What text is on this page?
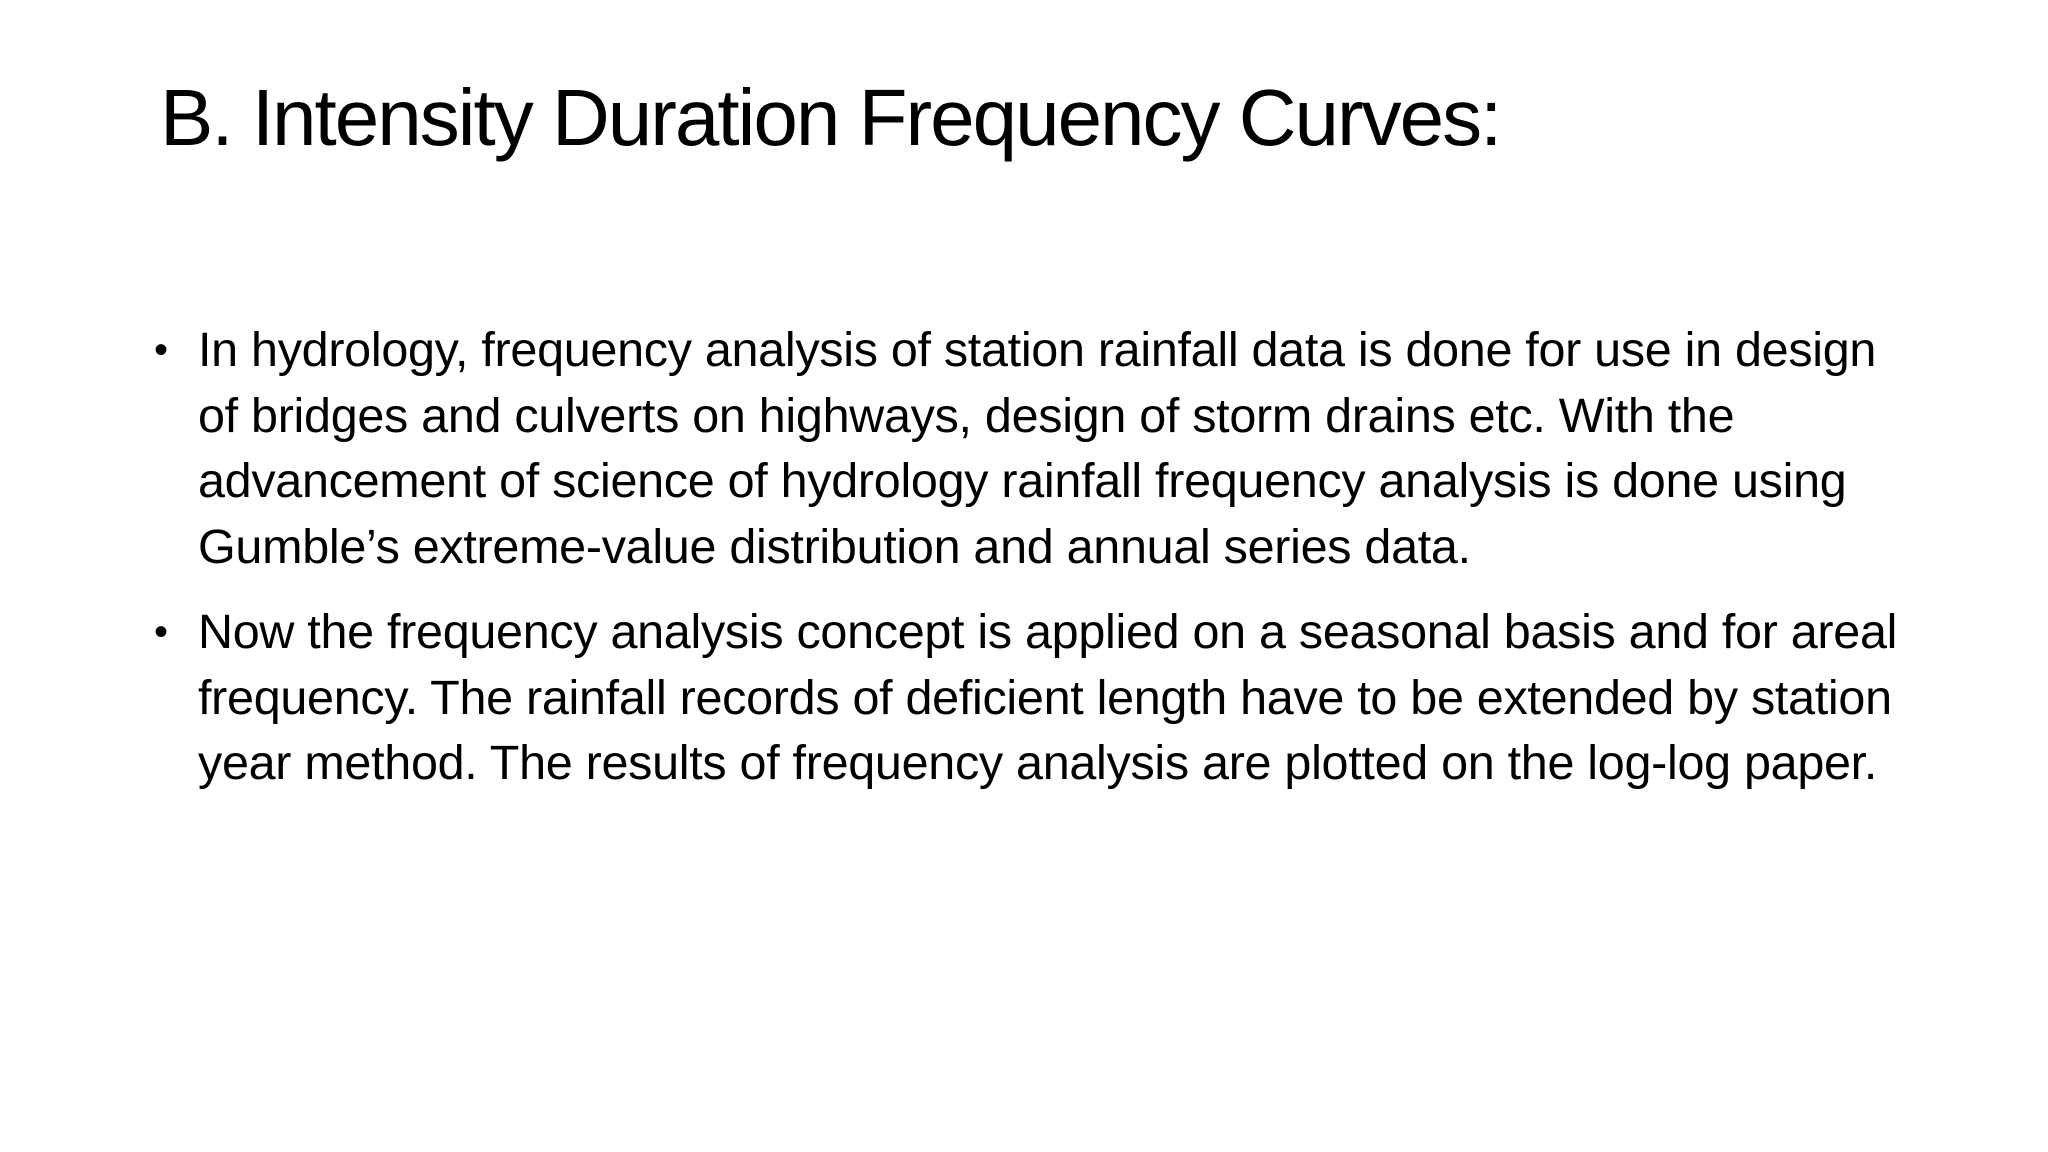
B. Intensity Duration Frequency Curves:
• In hydrology, frequency analysis of station rainfall data is done for use in design of bridges and culverts on highways, design of storm drains etc. With the advancement of science of hydrology rainfall frequency analysis is done using Gumble’s extreme-value distribution and annual series data.
• Now the frequency analysis concept is applied on a seasonal basis and for areal frequency. The rainfall records of deficient length have to be extended by station year method. The results of frequency analysis are plotted on the log-log paper.
